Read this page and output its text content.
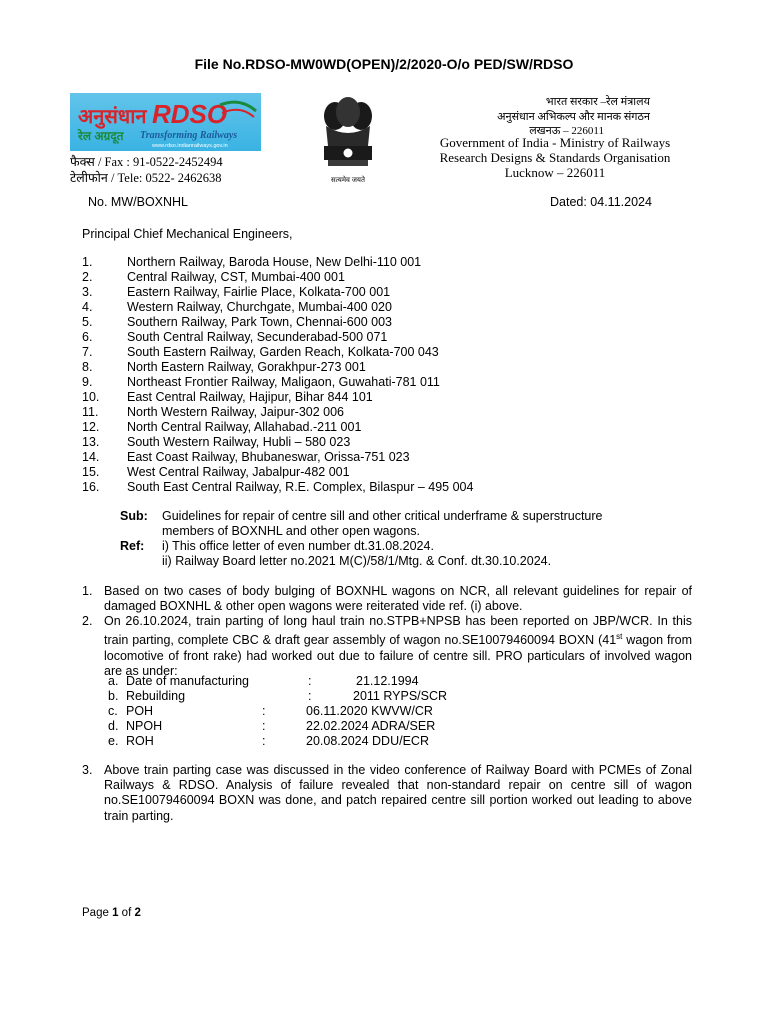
File No.RDSO-MW0WD(OPEN)/2/2020-O/o PED/SW/RDSO
अनुसंधान RDSO
रेल अग्रदूत Transforming Railways
www.rdso.indianrailways.gov.in
फैक्स / Fax : 91-0522-2452494
टेलीफोन / Tele: 0522- 2462638	सत्यमेव जयते
भारत सरकार –रेल मंत्रालय
अनुसंधान अभिकल्प और मानक संगठन
लखनऊ – 226011
Government of India - Ministry of Railways
Research Designs & Standards Organisation
Lucknow – 226011
No. MW/BOXNHL	Dated: 04.11.2024
Principal Chief Mechanical Engineers,
1.	Northern Railway, Baroda House, New Delhi-110 001
2.	Central Railway, CST, Mumbai-400 001
3.	Eastern Railway, Fairlie Place, Kolkata-700 001
4.	Western Railway, Churchgate, Mumbai-400 020
5.	Southern Railway, Park Town, Chennai-600 003
6.	South Central Railway, Secunderabad-500 071
7.	South Eastern Railway, Garden Reach, Kolkata-700 043
8.	North Eastern Railway, Gorakhpur-273 001
9.	Northeast Frontier Railway, Maligaon, Guwahati-781 011
10. East Central Railway, Hajipur, Bihar 844 101
11. North Western Railway, Jaipur-302 006
12. North Central Railway, Allahabad.-211 001
13. South Western Railway, Hubli – 580 023
14. East Coast Railway, Bhubaneswar, Orissa-751 023
15. West Central Railway, Jabalpur-482 001
16. South East Central Railway, R.E. Complex, Bilaspur – 495 004
Sub: Guidelines for repair of centre sill and other critical underframe & superstructure
members of BOXNHL and other open wagons.
Ref: i) This office letter of even number dt.31.08.2024.
ii) Railway Board letter no.2021 M(C)/58/1/Mtg. & Conf. dt.30.10.2024.
1. Based on two cases of body bulging of BOXNHL wagons on NCR, all relevant guidelines for repair of damaged BOXNHL & other open wagons were reiterated vide ref. (i) above.
2. On 26.10.2024, train parting of long haul train no.STPB+NPSB has been reported on JBP/WCR. In this train parting, complete CBC & draft gear assembly of wagon no.SE10079460094 BOXN (41st wagon from locomotive of front rake) had worked out due to failure of centre sill. PRO particulars of involved wagon are as under:
a. Date of manufacturing	:	21.12.1994
b. Rebuilding	:	2011 RYPS/SCR
c. POH	:	06.11.2020 KWVW/CR
d. NPOH	:	22.02.2024 ADRA/SER
e. ROH	:	20.08.2024 DDU/ECR
3. Above train parting case was discussed in the video conference of Railway Board with PCMEs of Zonal Railways & RDSO. Analysis of failure revealed that non-standard repair on centre sill of wagon no.SE10079460094 BOXN was done, and patch repaired centre sill portion worked out leading to above train parting.
Page 1 of 2
